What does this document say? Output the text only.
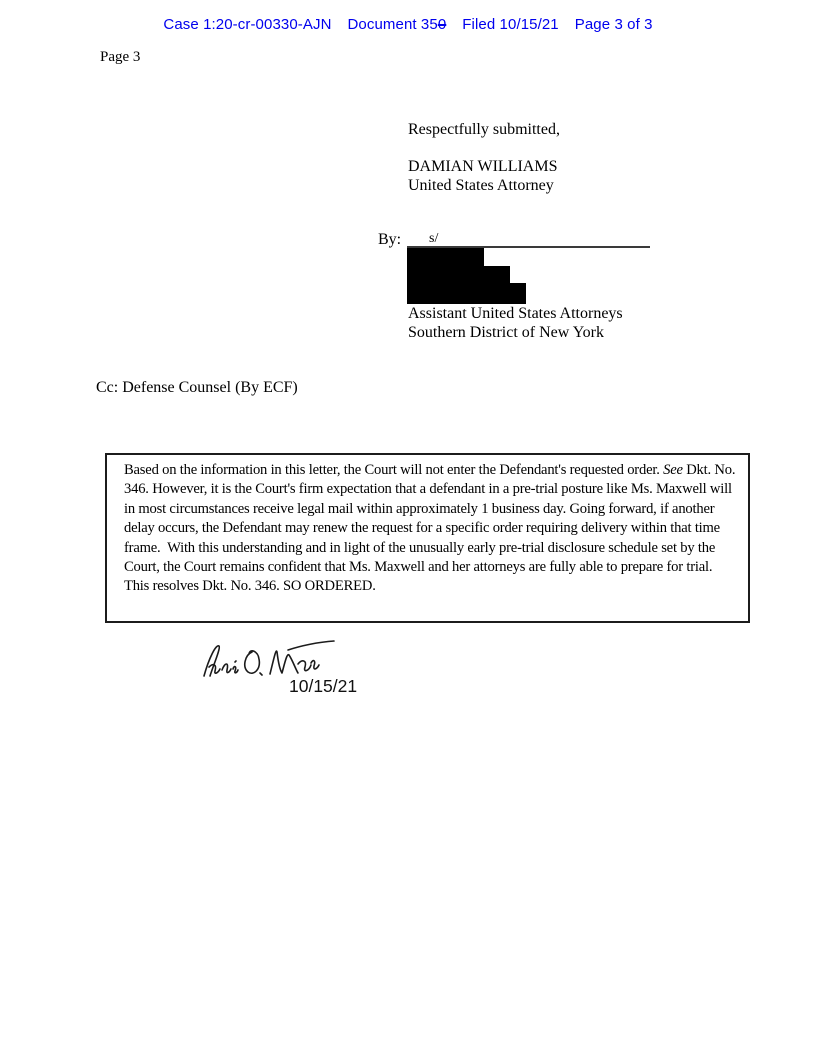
Case 1:20-cr-00330-AJN Document 350 Filed 10/15/21 Page 3 of 3
Page 3
Respectfully submitted,
DAMIAN WILLIAMS
United States Attorney
By: s/
Assistant United States Attorneys
Southern District of New York
Cc: Defense Counsel (By ECF)
Based on the information in this letter, the Court will not enter the Defendant's requested order. See Dkt. No. 346. However, it is the Court's firm expectation that a defendant in a pre-trial posture like Ms. Maxwell will in most circumstances receive legal mail within approximately 1 business day. Going forward, if another delay occurs, the Defendant may renew the request for a specific order requiring delivery within that time frame.  With this understanding and in light of the unusually early pre-trial disclosure schedule set by the Court, the Court remains confident that Ms. Maxwell and her attorneys are fully able to prepare for trial.  This resolves Dkt. No. 346. SO ORDERED.
10/15/21
